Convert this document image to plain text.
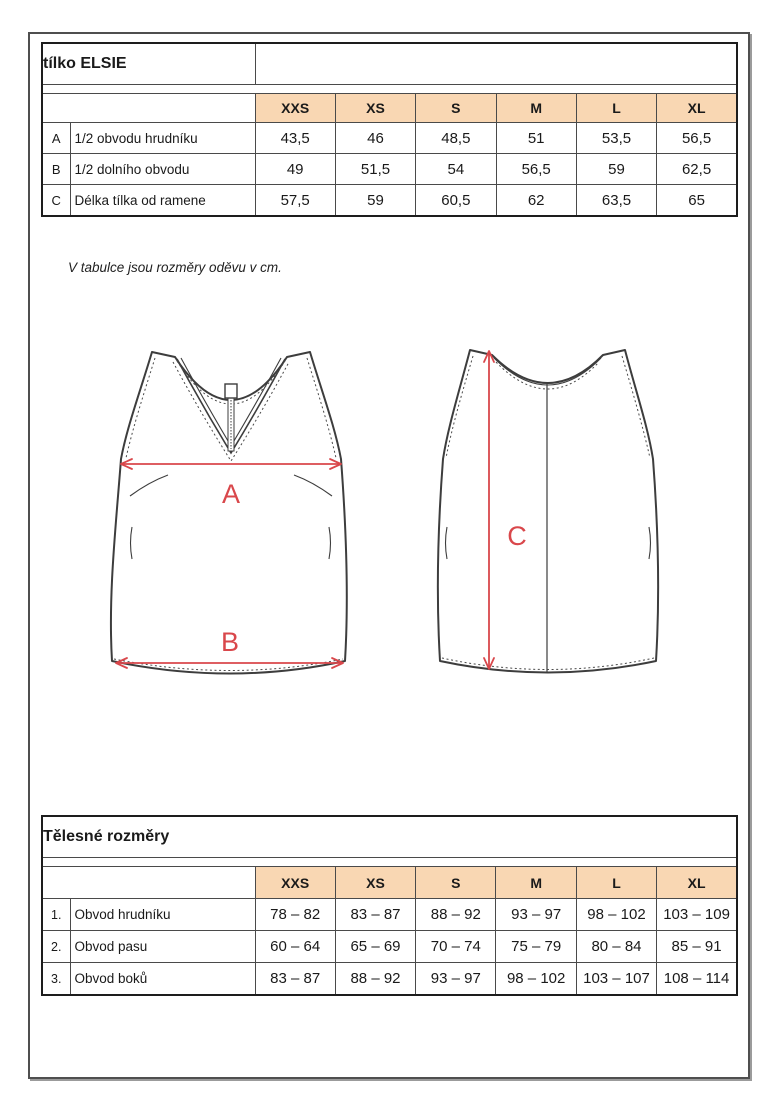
tílko ELSIE							

		XXS	XS	S	M	L	XL
A	1/2 obvodu hrudníku	43,5	46	48,5	51	53,5	56,5
B	1/2 dolního obvodu	49	51,5	54	56,5	59	62,5
C	Délka tílka od ramene	57,5	59	60,5	62	63,5	65
V tabulce jsou rozměry oděvu v cm.
A
B
C
Tělesné rozměry							

		XXS	XS	S	M	L	XL
1.	Obvod hrudníku	78 – 82	83 – 87	88 – 92	93 – 97	98 – 102	103 – 109
2.	Obvod pasu	60 – 64	65 – 69	70 – 74	75 – 79	80 – 84	85 – 91
3.	Obvod boků	83 – 87	88 – 92	93 – 97	98 – 102	103 – 107	108 – 114
